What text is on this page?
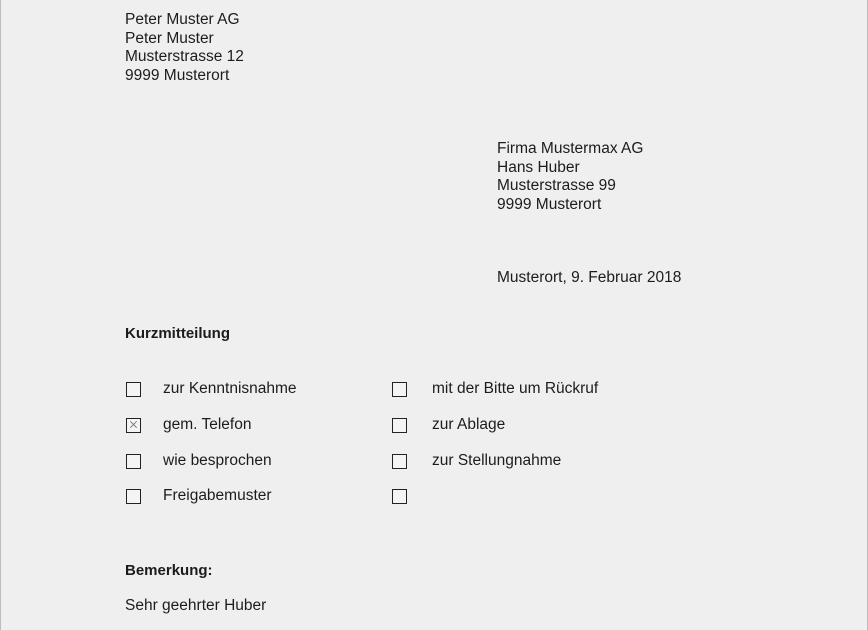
Peter Muster AG
Peter Muster
Musterstrasse 12
9999 Musterort
Firma Mustermax AG
Hans Huber
Musterstrasse 99
9999 Musterort
Musterort, 9. Februar 2018
Kurzmitteilung
zur Kenntnisnahme
gem. Telefon
wie besprochen
Freigabemuster
mit der Bitte um Rückruf
zur Ablage
zur Stellungnahme
Bemerkung:
Sehr geehrter Huber
